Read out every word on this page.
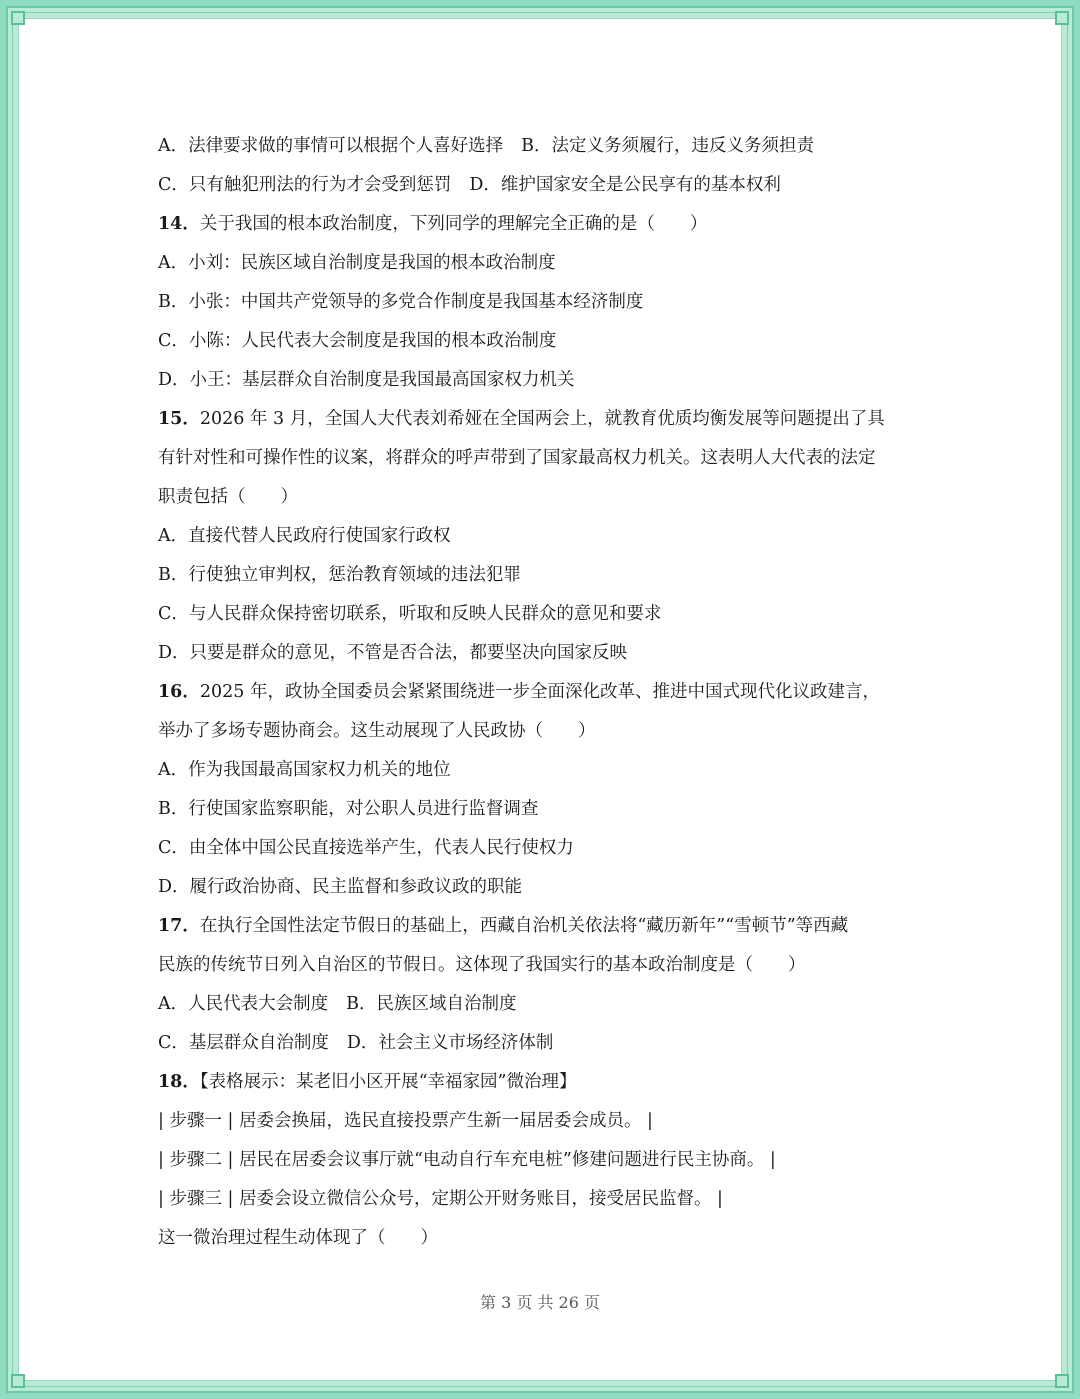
A．法律要求做的事情可以根据个人喜好选择 B．法定义务须履行，违反义务须担责
C．只有触犯刑法的行为才会受到惩罚 D．维护国家安全是公民享有的基本权利
14．关于我国的根本政治制度，下列同学的理解完全正确的是（　　）
A．小刘：民族区域自治制度是我国的根本政治制度
B．小张：中国共产党领导的多党合作制度是我国基本经济制度
C．小陈：人民代表大会制度是我国的根本政治制度
D．小王：基层群众自治制度是我国最高国家权力机关
15．2026 年 3 月，全国人大代表刘希娅在全国两会上，就教育优质均衡发展等问题提出了具
有针对性和可操作性的议案，将群众的呼声带到了国家最高权力机关。这表明人大代表的法定
职责包括（　　）
A．直接代替人民政府行使国家行政权
B．行使独立审判权，惩治教育领域的违法犯罪
C．与人民群众保持密切联系，听取和反映人民群众的意见和要求
D．只要是群众的意见，不管是否合法，都要坚决向国家反映
16．2025 年，政协全国委员会紧紧围绕进一步全面深化改革、推进中国式现代化议政建言，
举办了多场专题协商会。这生动展现了人民政协（　　）
A．作为我国最高国家权力机关的地位
B．行使国家监察职能，对公职人员进行监督调查
C．由全体中国公民直接选举产生，代表人民行使权力
D．履行政治协商、民主监督和参政议政的职能
17．在执行全国性法定节假日的基础上，西藏自治机关依法将“藏历新年”“雪顿节”等西藏
民族的传统节日列入自治区的节假日。这体现了我国实行的基本政治制度是（　　）
A．人民代表大会制度 B．民族区域自治制度
C．基层群众自治制度 D．社会主义市场经济体制
18．【表格展示：某老旧小区开展“幸福家园”微治理】
| 步骤一 | 居委会换届，选民直接投票产生新一届居委会成员。 |
| 步骤二 | 居民在居委会议事厅就“电动自行车充电桩”修建问题进行民主协商。 |
| 步骤三 | 居委会设立微信公众号，定期公开财务账目，接受居民监督。 |
这一微治理过程生动体现了（　　）
第 3 页 共 26 页
